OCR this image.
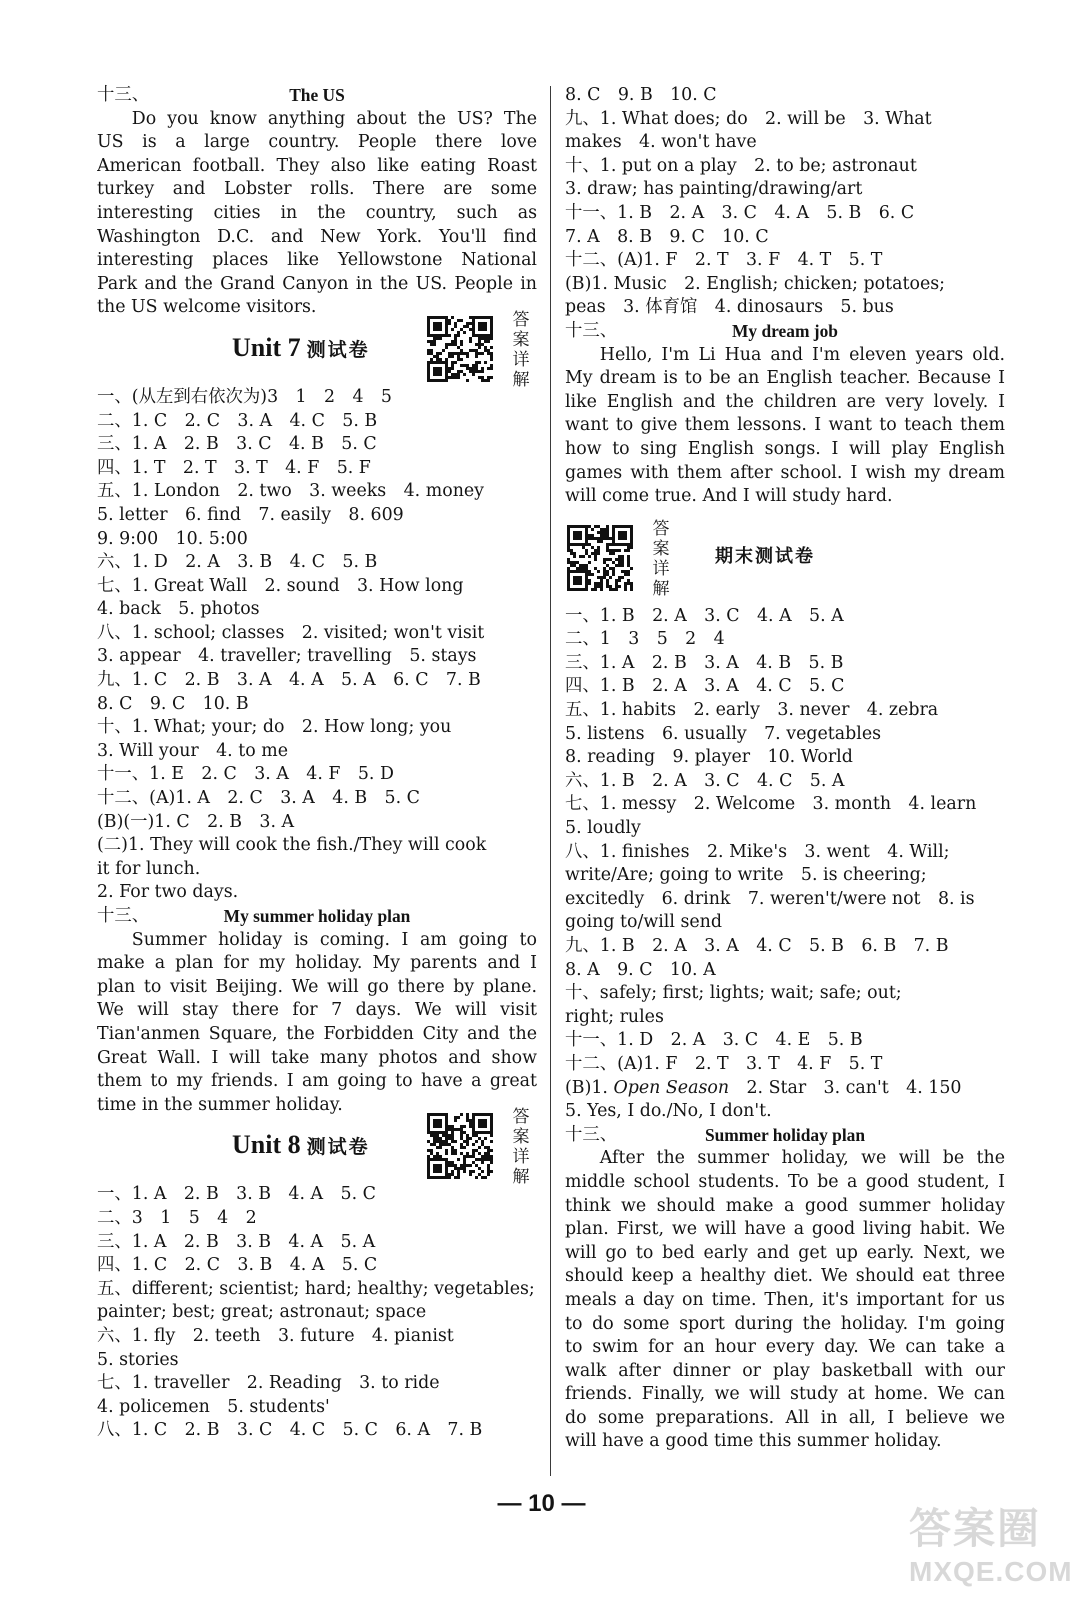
十三、	The US
Do you know anything about the US? The
US is a large country. People there love
American football. They also like eating Roast
turkey and Lobster rolls. There are some
interesting cities in the country, such as
Washington D.C. and New York. You'll find
interesting places like Yellowstone National
Park and the Grand Canyon in the US. People in
the US welcome visitors.
Unit 7 测试卷
答案详解
一、(从左到右依次为)3　1　2　4　5
二、1. C　2. C　3. A　4. C　5. B
三、1. A　2. B　3. C　4. B　5. C
四、1. T　2. T　3. T　4. F　5. F
五、1. London　2. two　3. weeks　4. money
5. letter　6. find　7. easily　8. 609
9. 9:00　10. 5:00
六、1. D　2. A　3. B　4. C　5. B
七、1. Great Wall　2. sound　3. How long
4. back　5. photos
八、1. school; classes　2. visited; won't visit
3. appear　4. traveller; travelling　5. stays
九、1. C　2. B　3. A　4. A　5. A　6. C　7. B
8. C　9. C　10. B
十、1. What; your; do　2. How long; you
3. Will your　4. to me
十一、1. E　2. C　3. A　4. F　5. D
十二、(A)1. A　2. C　3. A　4. B　5. C
(B)(一)1. C　2. B　3. A
(二)1. They will cook the fish./They will cook
it for lunch.
2. For two days.
十三、	My summer holiday plan
Summer holiday is coming. I am going to
make a plan for my holiday. My parents and I
plan to visit Beijing. We will go there by plane.
We will stay there for 7 days. We will visit
Tian'anmen Square, the Forbidden City and the
Great Wall. I will take many photos and show
them to my friends. I am going to have a great
time in the summer holiday.
Unit 8 测试卷
答案详解
一、1. A　2. B　3. B　4. A　5. C
二、3　1　5　4　2
三、1. A　2. B　3. B　4. A　5. A
四、1. C　2. C　3. B　4. A　5. C
五、different; scientist; hard; healthy; vegetables;
painter; best; great; astronaut; space
六、1. fly　2. teeth　3. future　4. pianist
5. stories
七、1. traveller　2. Reading　3. to ride
4. policemen　5. students'
八、1. C　2. B　3. C　4. C　5. C　6. A　7. B
8. C　9. B　10. C
九、1. What does; do　2. will be　3. What
makes　4. won't have
十、1. put on a play　2. to be; astronaut
3. draw; has painting/drawing/art
十一、1. B　2. A　3. C　4. A　5. B　6. C
7. A　8. B　9. C　10. C
十二、(A)1. F　2. T　3. F　4. T　5. T
(B)1. Music　2. English; chicken; potatoes;
peas　3. 体育馆　4. dinosaurs　5. bus
十三、	My dream job
Hello, I'm Li Hua and I'm eleven years old.
My dream is to be an English teacher. Because I
like English and the children are very lovely. I
want to give them lessons. I want to teach them
how to sing English songs. I will play English
games with them after school. I wish my dream
will come true. And I will study hard.
答案详解
期末测试卷
一、1. B　2. A　3. C　4. A　5. A
二、1　3　5　2　4
三、1. A　2. B　3. A　4. B　5. B
四、1. B　2. A　3. A　4. C　5. C
五、1. habits　2. early　3. never　4. zebra
5. listens　6. usually　7. vegetables
8. reading　9. player　10. World
六、1. B　2. A　3. C　4. C　5. A
七、1. messy　2. Welcome　3. month　4. learn
5. loudly
八、1. finishes　2. Mike's　3. went　4. Will;
write/Are; going to write　5. is cheering;
excitedly　6. drink　7. weren't/were not　8. is
going to/will send
九、1. B　2. A　3. A　4. C　5. B　6. B　7. B
8. A　9. C　10. A
十、safely; first; lights; wait; safe; out;
right; rules
十一、1. D　2. A　3. C　4. E　5. B
十二、(A)1. F　2. T　3. T　4. F　5. T
(B)1. Open Season　2. Star　3. can't　4. 150
5. Yes, I do./No, I don't.
十三、	Summer holiday plan
After the summer holiday, we will be the
middle school students. To be a good student, I
think we should make a good summer holiday
plan. First, we will have a good living habit. We
will go to bed early and get up early. Next, we
should keep a healthy diet. We should eat three
meals a day on time. Then, it's important for us
to do some sport during the holiday. I'm going
to swim for an hour every day. We can take a
walk after dinner or play basketball with our
friends. Finally, we will study at home. We can
do some preparations. All in all, I believe we
will have a good time this summer holiday.
— 10 —
答案圈
MXQE.COM
